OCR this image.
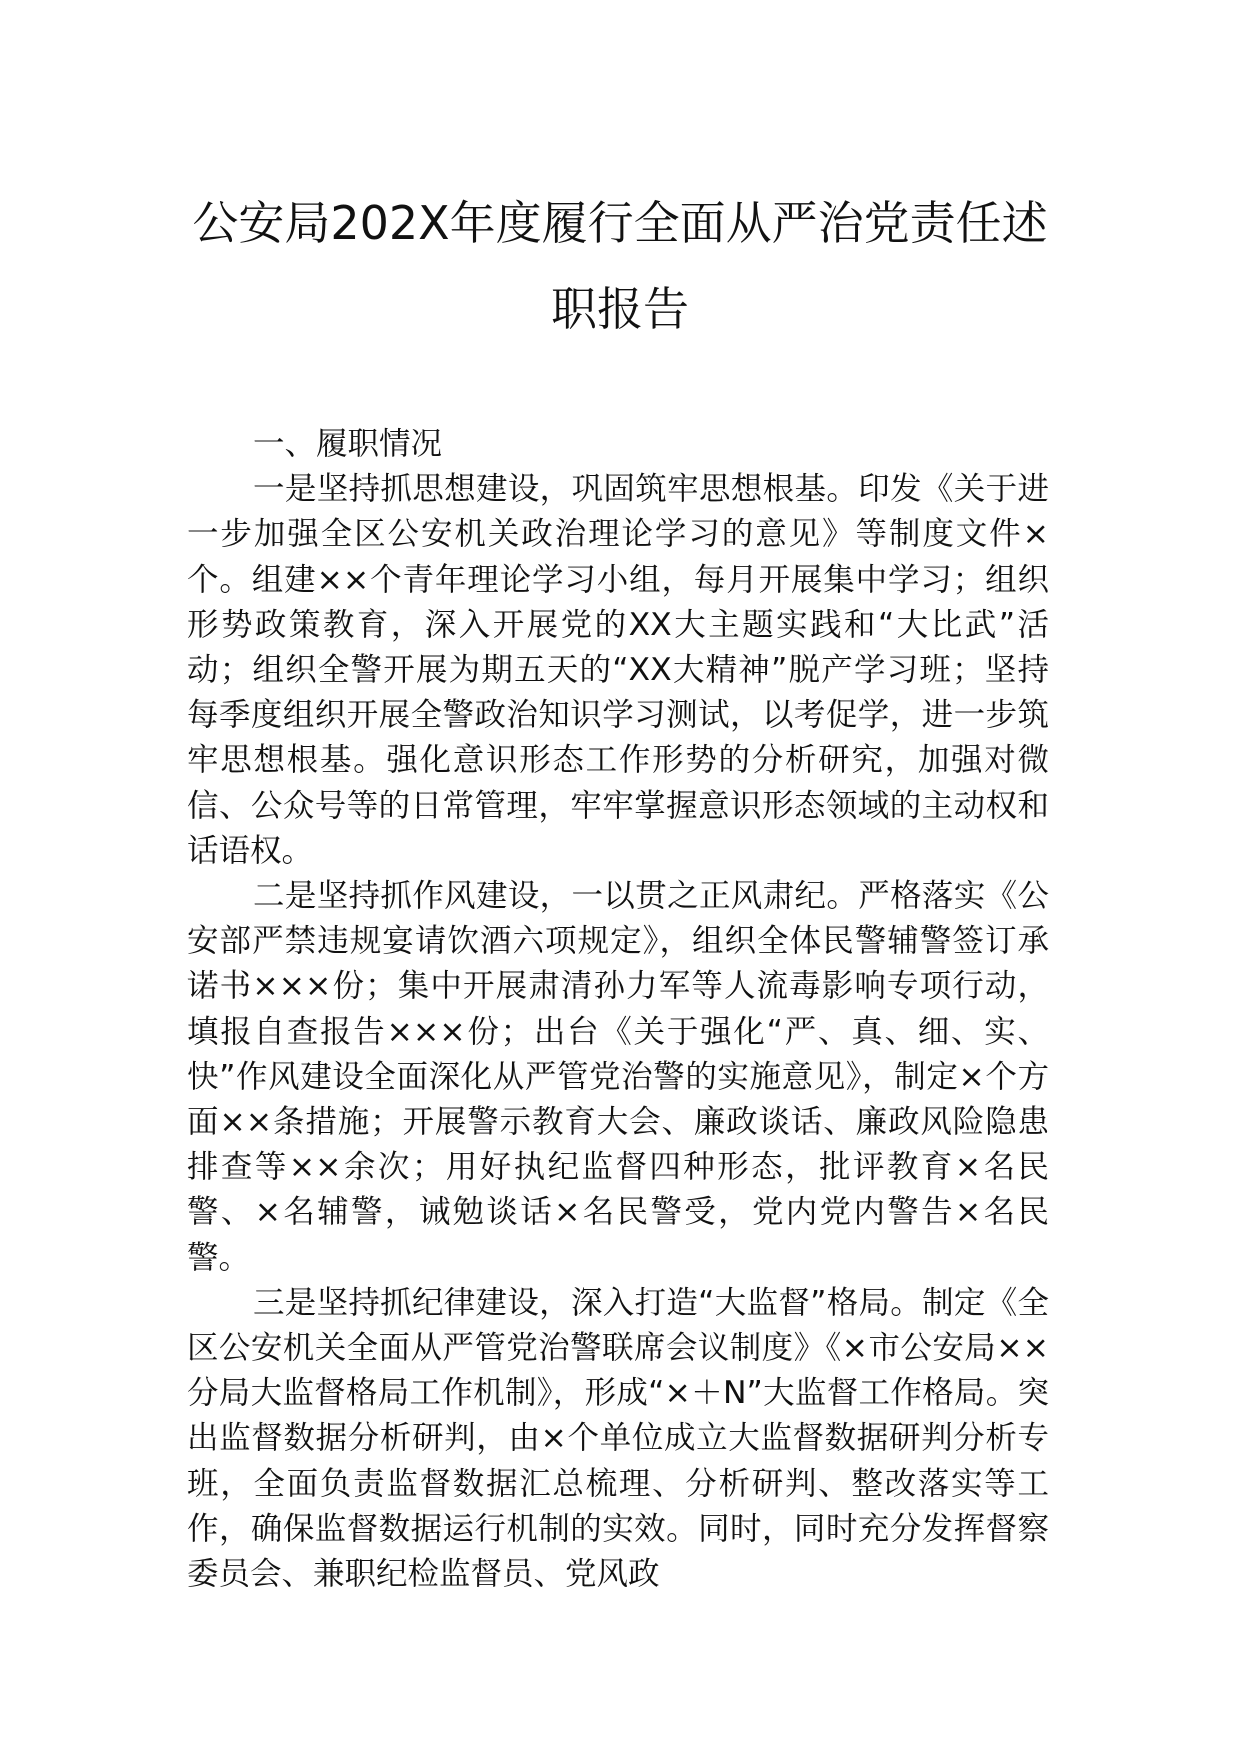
公安局202X年度履行全面从严治党责任述
职报告
一、履职情况

一是坚持抓思想建设，巩固筑牢思想根基。印发《关于进一步加强全区公安机关政治理论学习的意见》等制度文件×个。组建××个青年理论学习小组，每月开展集中学习；组织形势政策教育，深入开展党的XX大主题实践和“大比武”活动；组织全警开展为期五天的“XX大精神”脱产学习班；坚持每季度组织开展全警政治知识学习测试，以考促学，进一步筑牢思想根基。强化意识形态工作形势的分析研究，加强对微信、公众号等的日常管理，牢牢掌握意识形态领域的主动权和话语权。

二是坚持抓作风建设，一以贯之正风肃纪。严格落实《公安部严禁违规宴请饮酒六项规定》，组织全体民警辅警签订承诺书×××份；集中开展肃清孙力军等人流毒影响专项行动，填报自查报告×××份；出台《关于强化“严、真、细、实、快”作风建设全面深化从严管党治警的实施意见》，制定×个方面××条措施；开展警示教育大会、廉政谈话、廉政风险隐患排查等××余次；用好执纪监督四种形态，批评教育×名民警、×名辅警，诫勉谈话×名民警受，党内党内警告×名民警。

三是坚持抓纪律建设，深入打造“大监督”格局。制定《全区公安机关全面从严管党治警联席会议制度》《×市公安局××分局大监督格局工作机制》，形成“×＋N”大监督工作格局。突出监督数据分析研判，由×个单位成立大监督数据研判分析专班，全面负责监督数据汇总梳理、分析研判、整改落实等工作，确保监督数据运行机制的实效。同时，同时充分发挥督察委员会、兼职纪检监督员、党风政
